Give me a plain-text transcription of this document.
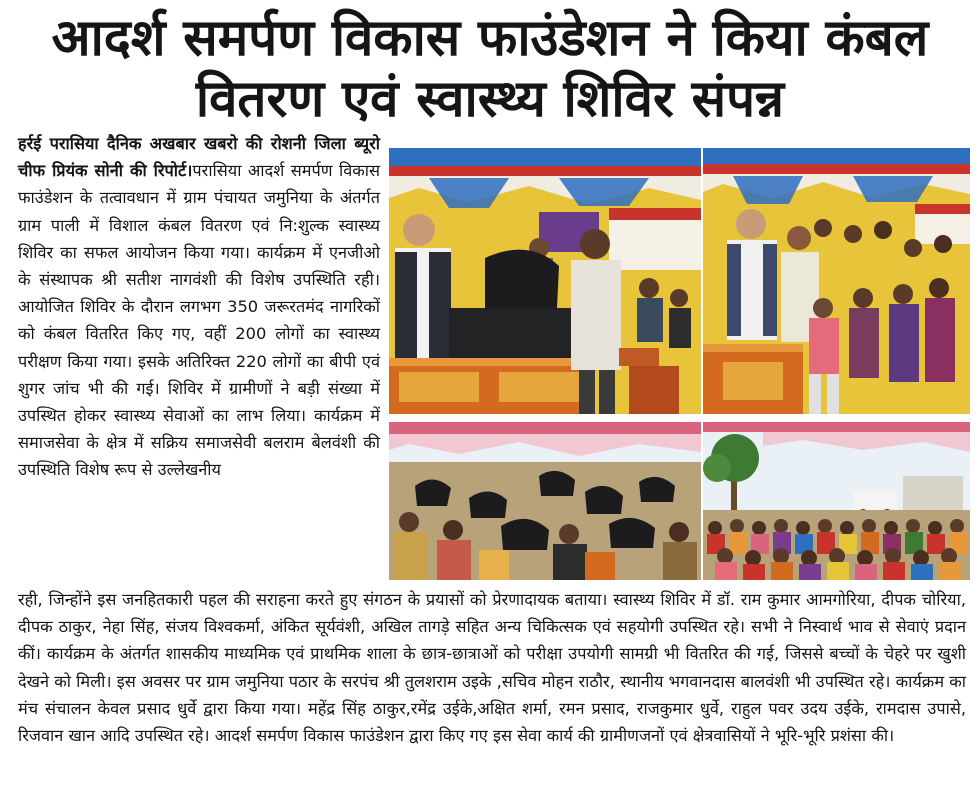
आदर्श समर्पण विकास फाउंडेशन ने किया कंबल
वितरण एवं स्वास्थ्य शिविर संपन्न
हर्रई परासिया दैनिक अखबार खबरो की रोशनी जिला ब्यूरो चीफ प्रियंक सोनी की रिपोर्ट।परासिया आदर्श समर्पण विकास फाउंडेशन के तत्वावधान में ग्राम पंचायत जमुनिया के अंतर्गत ग्राम पाली में विशाल कंबल वितरण एवं नि:शुल्क स्वास्थ्य शिविर का सफल आयोजन किया गया। कार्यक्रम में एनजीओ के संस्थापक श्री सतीश नागवंशी की विशेष उपस्थिति रही। आयोजित शिविर के दौरान लगभग 350 जरूरतमंद नागरिकों को कंबल वितरित किए गए, वहीं 200 लोगों का स्वास्थ्य परीक्षण किया गया। इसके अतिरिक्त 220 लोगों का बीपी एवं शुगर जांच भी की गई। शिविर में ग्रामीणों ने बड़ी संख्या में उपस्थित होकर स्वास्थ्य सेवाओं का लाभ लिया। कार्यक्रम में समाजसेवा के क्षेत्र में सक्रिय समाजसेवी बलराम बेलवंशी की उपस्थिति विशेष रूप से उल्लेखनीय
रही, जिन्होंने इस जनहितकारी पहल की सराहना करते हुए संगठन के प्रयासों को प्रेरणादायक बताया। स्वास्थ्य शिविर में डॉ. राम कुमार आमगोरिया, दीपक चोरिया, दीपक ठाकुर, नेहा सिंह, संजय विश्वकर्मा, अंकित सूर्यवंशी, अखिल तागड़े सहित अन्य चिकित्सक एवं सहयोगी उपस्थित रहे। सभी ने निस्वार्थ भाव से सेवाएं प्रदान कीं। कार्यक्रम के अंतर्गत शासकीय माध्यमिक एवं प्राथमिक शाला के छात्र-छात्राओं को परीक्षा उपयोगी सामग्री भी वितरित की गई, जिससे बच्चों के चेहरे पर खुशी देखने को मिली। इस अवसर पर ग्राम जमुनिया पठार के सरपंच श्री तुलशराम उइके ,सचिव मोहन राठौर, स्थानीय भगवानदास बालवंशी भी उपस्थित रहे। कार्यक्रम का मंच संचालन केवल प्रसाद धुर्वे द्वारा किया गया। महेंद्र सिंह ठाकुर,रमेंद्र उईके,अक्षित शर्मा, रमन प्रसाद, राजकुमार धुर्वे, राहुल पवर उदय उईके, रामदास उपासे, रिजवान खान आदि उपस्थित रहे। आदर्श समर्पण विकास फाउंडेशन द्वारा किए गए इस सेवा कार्य की ग्रामीणजनों एवं क्षेत्रवासियों ने भूरि-भूरि प्रशंसा की।
